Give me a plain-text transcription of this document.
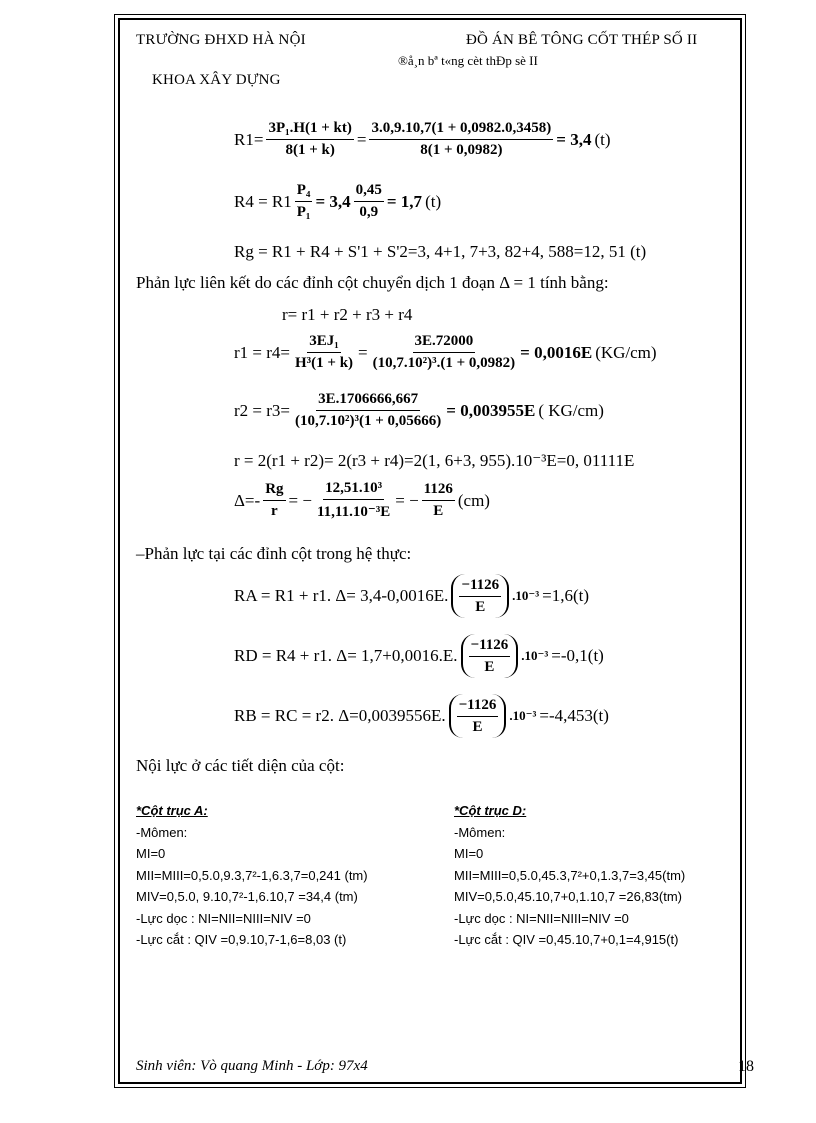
TRƯỜNG ĐHXD HÀ NỘI	ĐỒ ÁN BÊ TÔNG CỐT THÉP SỐ II
®å¸n bª t«ng cèt thÐp sè II
KHOA XÂY DỰNG
$R1= \frac{\text{3P₁.H(1 + kt)}}{8(1 + k)} = \frac{3.0,9.10,7(1 + 0,0982.0,3458)}{8(1 + 0,0982)} = 3,4$ (t)
$R4 = R1 \frac{\text{P₄}}{\text{P₁}} = 3,4 \frac{0,45}{0,9} = 1,7$ (t)
Rg = R1 + R4 + S'1 + S'2=3, 4+1, 7+3, 82+4, 588=12, 51 (t)
Phản lực liên kết do các đỉnh cột chuyển dịch 1 đoạn Δ = 1 tính bằng:
r= r1 + r2 + r3 + r4
$r1 = r4= \frac{\text{3EJ₁}}{\text{H³(1 + k)}} = \frac{3E.72000}{\text{(10,7.10²)³.(1 + 0,0982)}} = 0,0016E$ (KG/cm)
$r2 = r3= \frac{3E.1706666,667}{\text{(10,7.10²)³(1 + 0,05666)}} = 0,003955E$ ( KG/cm)
r = 2(r1 + r2)= 2(r3 + r4)=2(1, 6+3, 955).10⁻³E=0, 01111E
$\Delta=- \frac{Rg}{r}$ = − $\frac{\text{12,51.10³}}{\text{11,11.10⁻³E}}$ = − $\frac{1126}{E} (cm)$
–Phản lực tại các đỉnh cột trong hệ thực:
RA = R1 + r1. Δ= 3,4-0,0016E. $\frac{-1126}{E} .10^{-3} =1,6(t)$
RD = R4 + r1. Δ= 1,7+0,0016.E. $\frac{-1126}{E} .10^{-3} =-0,1(t)$
RB = RC = r2. Δ=0,0039556E. $\frac{-1126}{E} .10^{-3} =-4,453(t)$
Nội lực ở các tiết diện của cột:
*Cột trục A:
-Mômen:
MI=0
MII=MIII=0,5.0,9.3,7²-1,6.3,7=0,241 (tm)
MIV=0,5.0, 9.10,7²-1,6.10,7 =34,4 (tm)
-Lực dọc : NI=NII=NIII=NIV =0
-Lực cắt : QIV =0,9.10,7-1,6=8,03 (t)
*Cột trục D:
-Mômen:
MI=0
MII=MIII=0,5.0,45.3,7²+0,1.3,7=3,45(tm)
MIV=0,5.0,45.10,7+0,1.10,7 =26,83(tm)
-Lực dọc : NI=NII=NIII=NIV =0
-Lực cắt : QIV =0,45.10,7+0,1=4,915(t)
Sinh viên: Vò quang Minh - Lớp: 97x4	18
